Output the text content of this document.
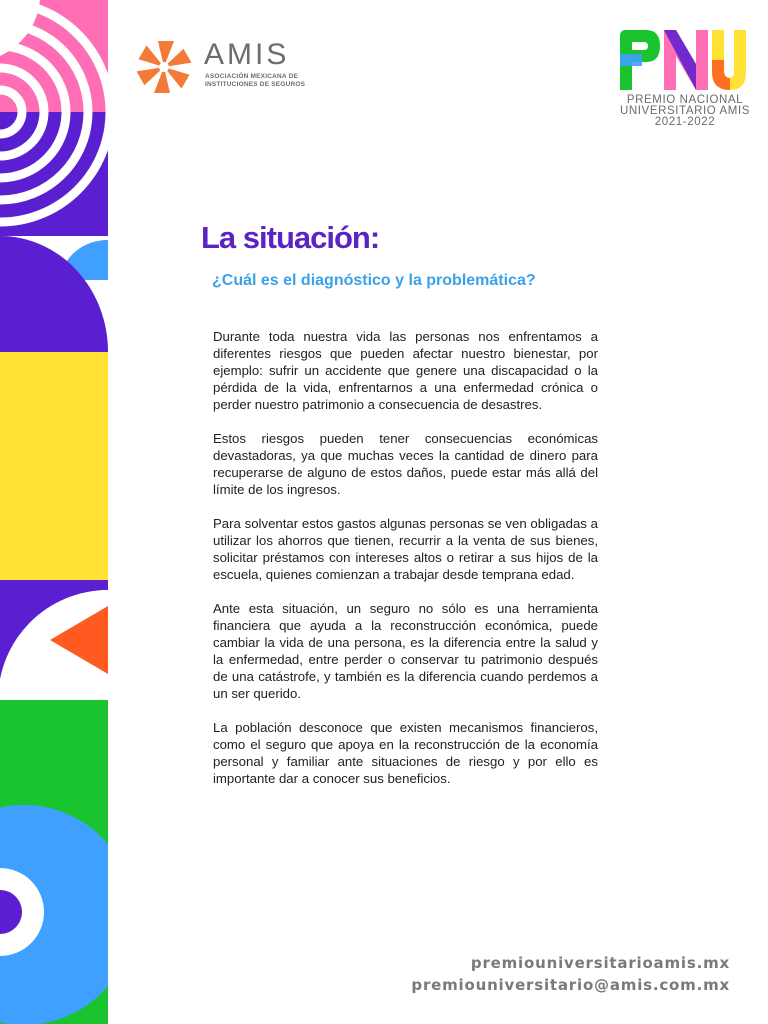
AMIS
ASOCIACIÓN MEXICANA DE INSTITUCIONES DE SEGUROS
PREMIO NACIONAL
UNIVERSITARIO AMIS
2021-2022
La situación:
¿Cuál es el diagnóstico y la problemática?

Durante toda nuestra vida las personas nos enfrentamos a diferentes riesgos que pueden afectar nuestro bienestar, por ejemplo: sufrir un accidente que genere una discapacidad o la pérdida de la vida, enfrentarnos a una enfermedad crónica o perder nuestro patrimonio a consecuencia de desastres.

Estos riesgos pueden tener consecuencias económicas devastadoras, ya que muchas veces la cantidad de dinero para recuperarse de alguno de estos daños, puede estar más allá del límite de los ingresos.

Para solventar estos gastos algunas personas se ven obligadas a utilizar los ahorros que tienen, recurrir a la venta de sus bienes, solicitar préstamos con intereses altos o retirar a sus hijos de la escuela, quienes comienzan a trabajar desde temprana edad.

Ante esta situación, un seguro no sólo es una herramienta financiera que ayuda a la reconstrucción económica, puede cambiar la vida de una persona, es la diferencia entre la salud y la enfermedad, entre perder o conservar tu patrimonio después de una catástrofe, y también es la diferencia cuando perdemos a un ser querido.

La población desconoce que existen mecanismos financieros, como el seguro que apoya en la reconstrucción de la economía personal y familiar ante situaciones de riesgo y por ello es importante dar a conocer sus beneficios.

premiouniversitarioamis.mx
premiouniversitario@amis.com.mx
